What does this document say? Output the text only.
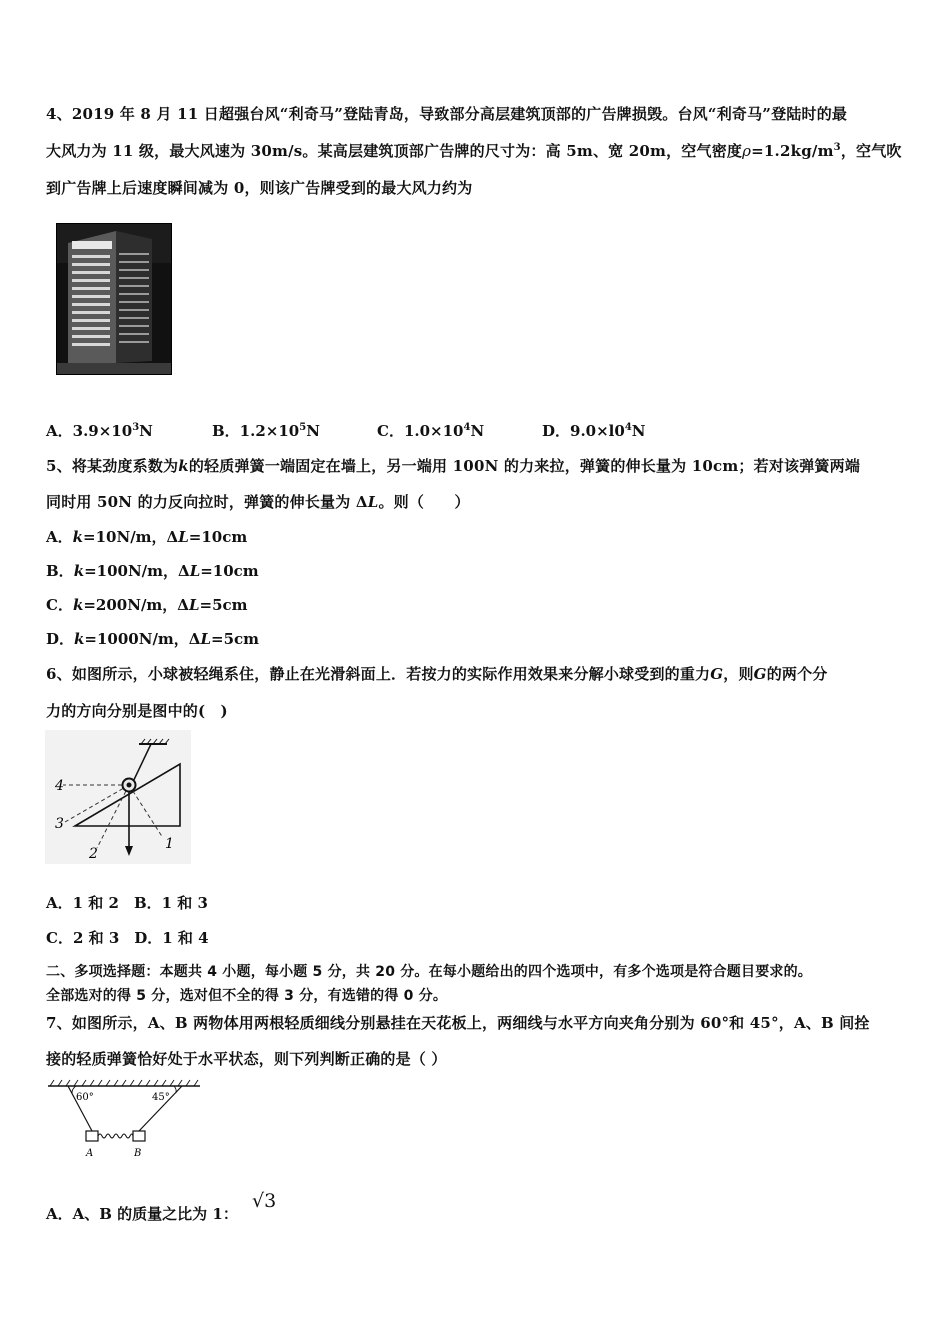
4、2019 年 8 月 11 日超强台风“利奇马”登陆青岛，导致部分高层建筑顶部的广告牌损毁。台风“利奇马”登陆时的最
大风力为 11 级，最大风速为 30m/s。某高层建筑顶部广告牌的尺寸为：高 5m、宽 20m，空气密度$\rho=1.2kg/m^3$，空气吹
到广告牌上后速度瞬间减为 0，则该广告牌受到的最大风力约为
A．$3.9\times 10^3N$	B．$1.2\times 10^5N$	C．$1.0\times 10^4N$	D．$9.0\times l0^4N$
5、将某劲度系数为k的轻质弹簧一端固定在墙上，另一端用 100N 的力来拉，弹簧的伸长量为 10cm；若对该弹簧两端
同时用 50N 的力反向拉时，弹簧的伸长量为 ΔL。则（　　）
A．k=10N/m，ΔL=10cm
B．k=100N/m，ΔL=10cm
C．k=200N/m，ΔL=5cm
D．k=1000N/m，ΔL=5cm
6、如图所示，小球被轻绳系住，静止在光滑斜面上．若按力的实际作用效果来分解小球受到的重力G，则G的两个分
力的方向分别是图中的(　)
4
3
2
1
A．1 和 2　B．1 和 3
C．2 和 3　D．1 和 4
二、多项选择题：本题共 4 小题，每小题 5 分，共 20 分。在每小题给出的四个选项中，有多个选项是符合题目要求的。
全部选对的得 5 分，选对但不全的得 3 分，有选错的得 0 分。
7、如图所示，A、B 两物体用两根轻质细线分别悬挂在天花板上，两细线与水平方向夹角分别为 60°和 45°，A、B 间拴
接的轻质弹簧恰好处于水平状态，则下列判断正确的是（ ）
60°	45°
A	B
A．A、B 的质量之比为 1：
√3
